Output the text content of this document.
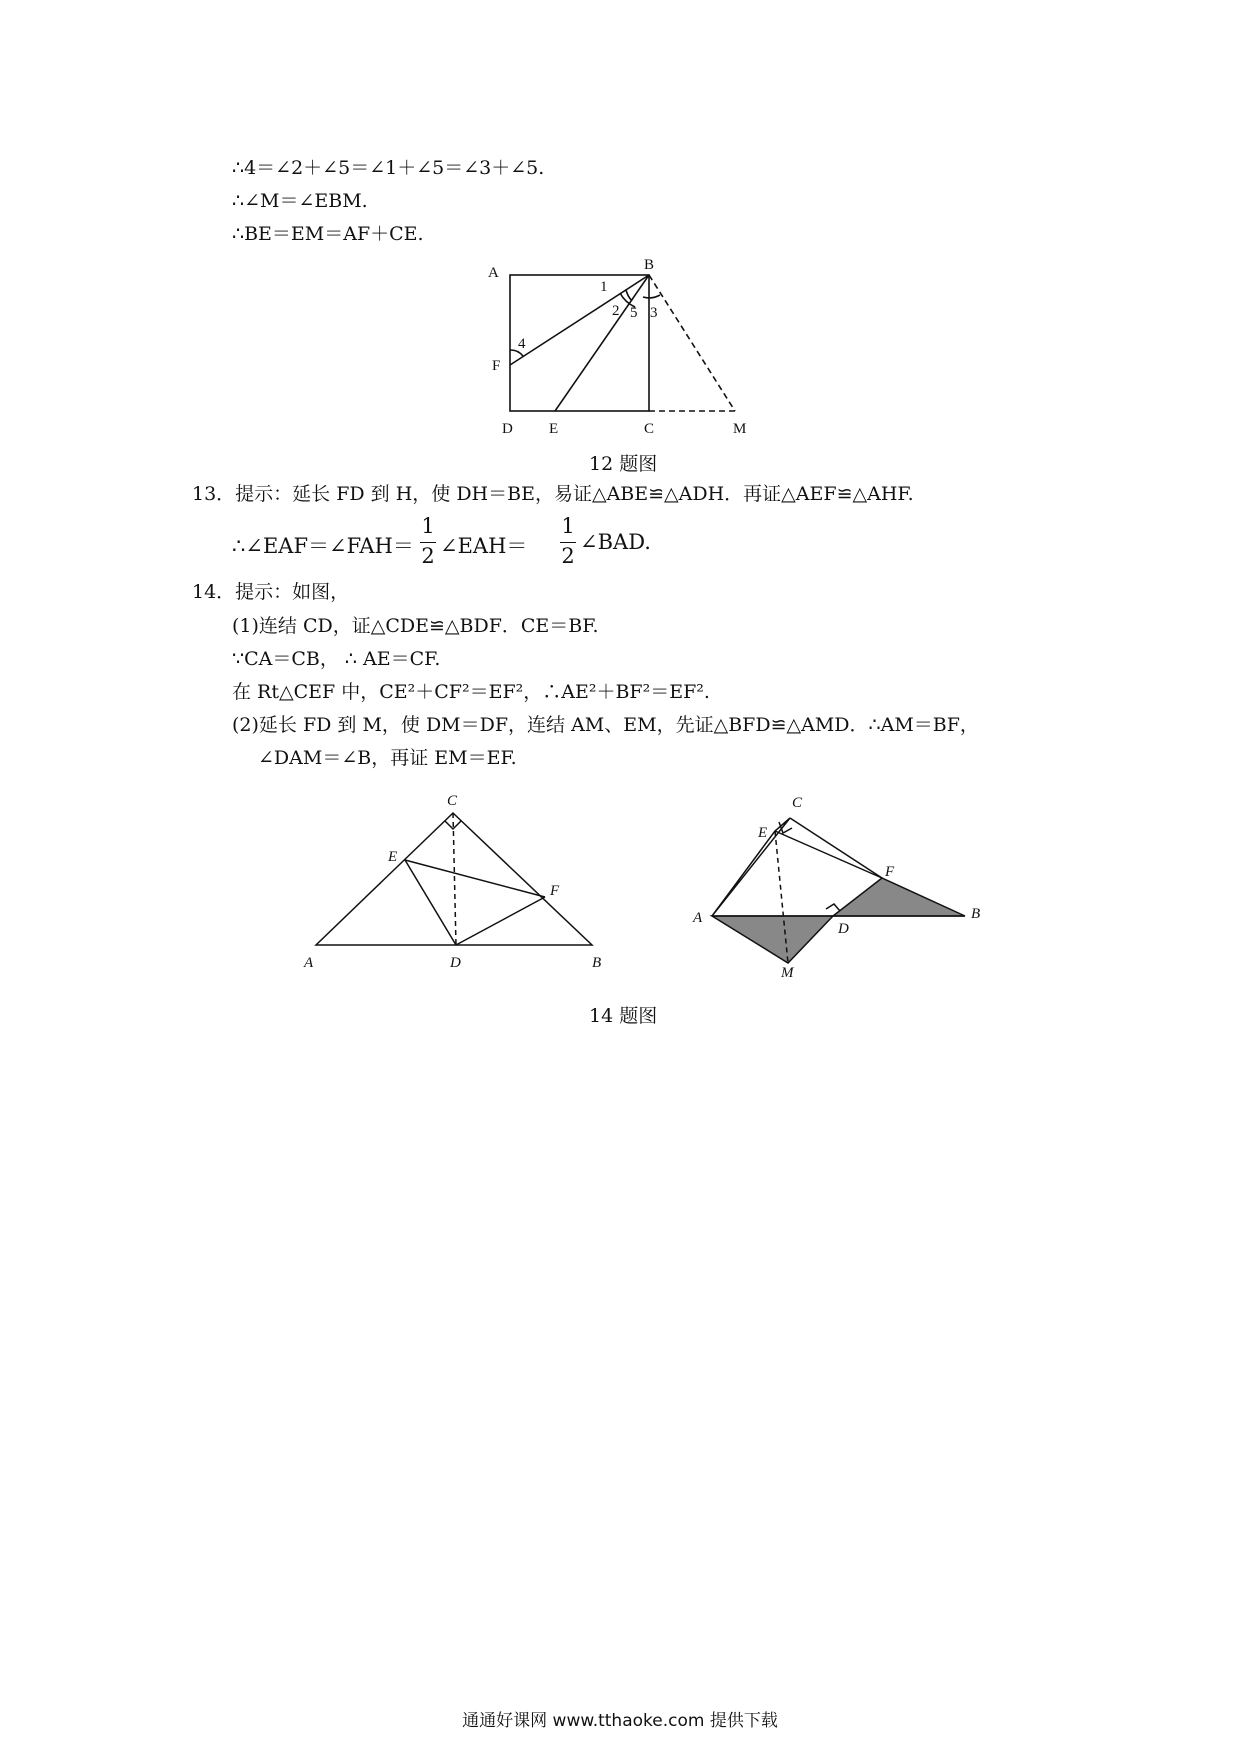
∴4＝∠2＋∠5＝∠1＋∠5＝∠3＋∠5.
∴∠M＝∠EBM.
∴BE＝EM＝AF＋CE.
A	B
C
D E
F
M
1
2 3
4
5
12 题图
13．提示：延长 FD 到 H，使 DH＝BE，易证△ABE≌△ADH．再证△AEF≌△AHF.
∴∠EAF＝∠FAH＝
1
2 ∠EAH＝
1
2
∠BAD.
14．提示：如图，
(1)连结 CD，证△CDE≌△BDF．CE＝BF.
∵CA＝CB， ∴ AE＝CF.
在 Rt△CEF 中，CE²＋CF²＝EF²，∴AE²＋BF²＝EF².
(2)延长 FD 到 M，使 DM＝DF，连结 AM、EM，先证△BFD≌△AMD．∴AM＝BF，
∠DAM＝∠B，再证 EM＝EF.
A	B
C
D
E
F
A	B
C
D
E
F
M
14 题图
通通好课网 www.tthaoke.com 提供下载
